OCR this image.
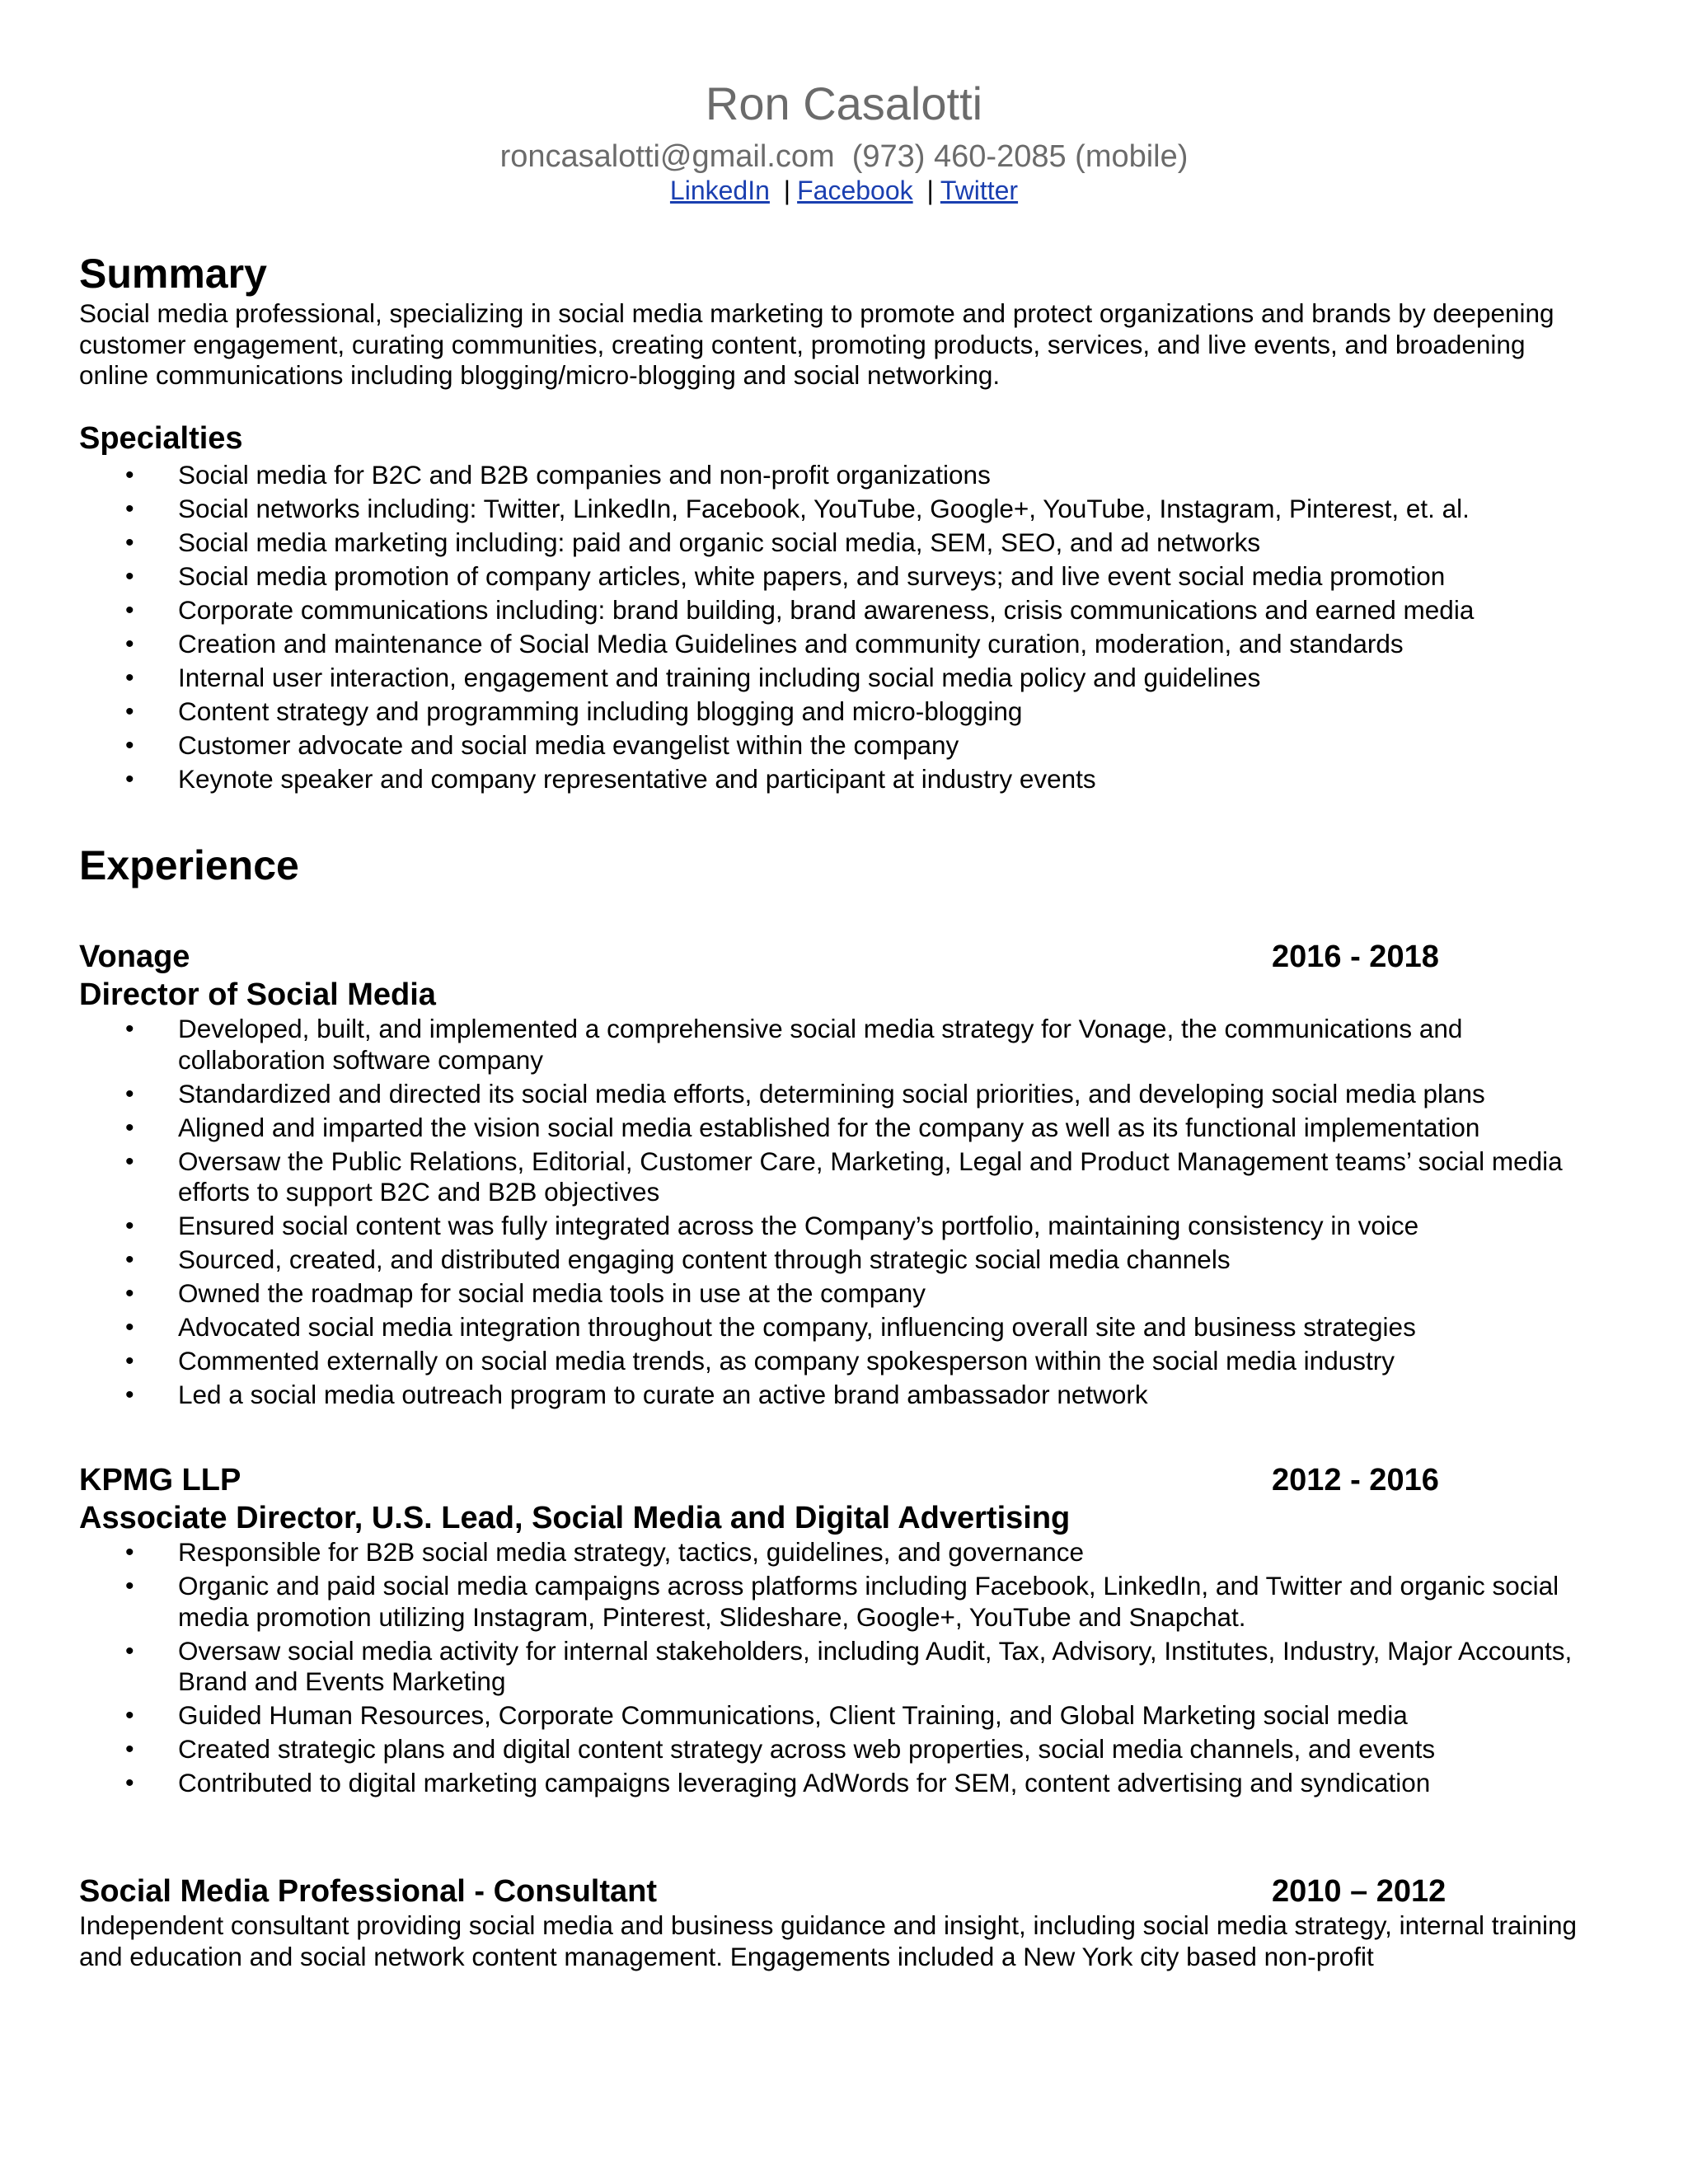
Ron Casalotti
roncasalotti@gmail.com (973) 460-2085 (mobile)
LinkedIn | Facebook | Twitter
Summary

Social media professional, specializing in social media marketing to promote and protect organizations and brands by deepening customer engagement, curating communities, creating content, promoting products, services, and live events, and broadening online communications including blogging/micro-blogging and social networking.

Specialties
• Social media for B2C and B2B companies and non-profit organizations
• Social networks including: Twitter, LinkedIn, Facebook, YouTube, Google+, YouTube, Instagram, Pinterest, et. al.
• Social media marketing including: paid and organic social media, SEM, SEO, and ad networks
• Social media promotion of company articles, white papers, and surveys; and live event social media promotion
• Corporate communications including: brand building, brand awareness, crisis communications and earned media
• Creation and maintenance of Social Media Guidelines and community curation, moderation, and standards
• Internal user interaction, engagement and training including social media policy and guidelines
• Content strategy and programming including blogging and micro-blogging
• Customer advocate and social media evangelist within the company
• Keynote speaker and company representative and participant at industry events
Experience
Vonage	2016 - 2018
Director of Social Media
• Developed, built, and implemented a comprehensive social media strategy for Vonage, the communications and collaboration software company
• Standardized and directed its social media efforts, determining social priorities, and developing social media plans
• Aligned and imparted the vision social media established for the company as well as its functional implementation
• Oversaw the Public Relations, Editorial, Customer Care, Marketing, Legal and Product Management teams’ social media efforts to support B2C and B2B objectives
• Ensured social content was fully integrated across the Company’s portfolio, maintaining consistency in voice
• Sourced, created, and distributed engaging content through strategic social media channels
• Owned the roadmap for social media tools in use at the company
• Advocated social media integration throughout the company, influencing overall site and business strategies
• Commented externally on social media trends, as company spokesperson within the social media industry
• Led a social media outreach program to curate an active brand ambassador network
KPMG LLP	2012 - 2016
Associate Director, U.S. Lead, Social Media and Digital Advertising
• Responsible for B2B social media strategy, tactics, guidelines, and governance
• Organic and paid social media campaigns across platforms including Facebook, LinkedIn, and Twitter and organic social media promotion utilizing Instagram, Pinterest, Slideshare, Google+, YouTube and Snapchat.
• Oversaw social media activity for internal stakeholders, including Audit, Tax, Advisory, Institutes, Industry, Major Accounts, Brand and Events Marketing
• Guided Human Resources, Corporate Communications, Client Training, and Global Marketing social media
• Created strategic plans and digital content strategy across web properties, social media channels, and events
• Contributed to digital marketing campaigns leveraging AdWords for SEM, content advertising and syndication
Social Media Professional - Consultant	2010 – 2012

Independent consultant providing social media and business guidance and insight, including social media strategy, internal training and education and social network content management. Engagements included a New York city based non-profit
